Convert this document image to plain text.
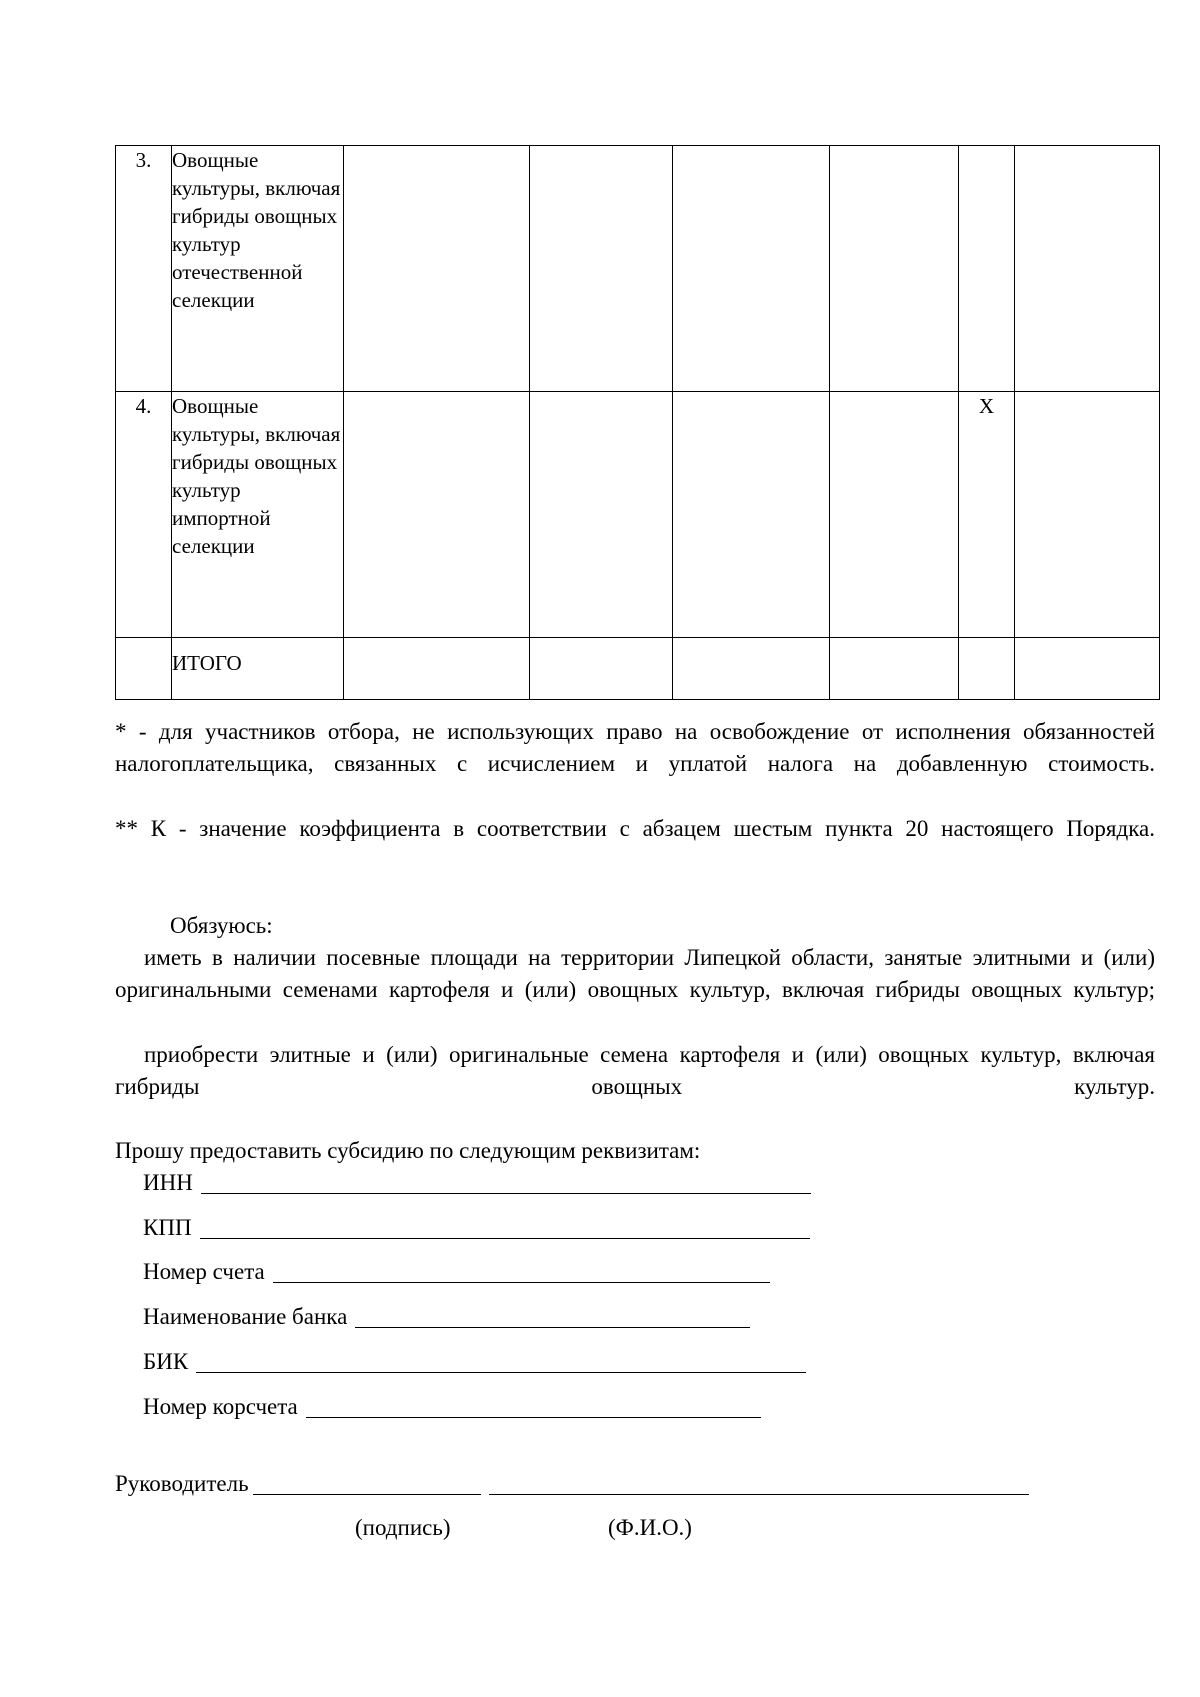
3.	Овощные культуры, включая гибриды овощных культур отечественной селекции						
4.	Овощные культуры, включая гибриды овощных культур импортной селекции					Х	
	ИТОГО						
* - для участников отбора, не использующих право на освобождение от исполнения обязанностей налогоплательщика, связанных с исчислением и уплатой налога на добавленную стоимость.
** К - значение коэффициента в соответствии с абзацем шестым пункта 20 настоящего Порядка.
Обязуюсь:
иметь в наличии посевные площади на территории Липецкой области, занятые элитными и (или) оригинальными семенами картофеля и (или) овощных культур, включая гибриды овощных культур;
приобрести элитные и (или) оригинальные семена картофеля и (или) овощных культур, включая гибриды овощных культур.
Прошу предоставить субсидию по следующим реквизитам:
ИНН
КПП
Номер счета
Наименование банка
БИК
Номер корсчета
Руководитель
(подпись)	(Ф.И.О.)
